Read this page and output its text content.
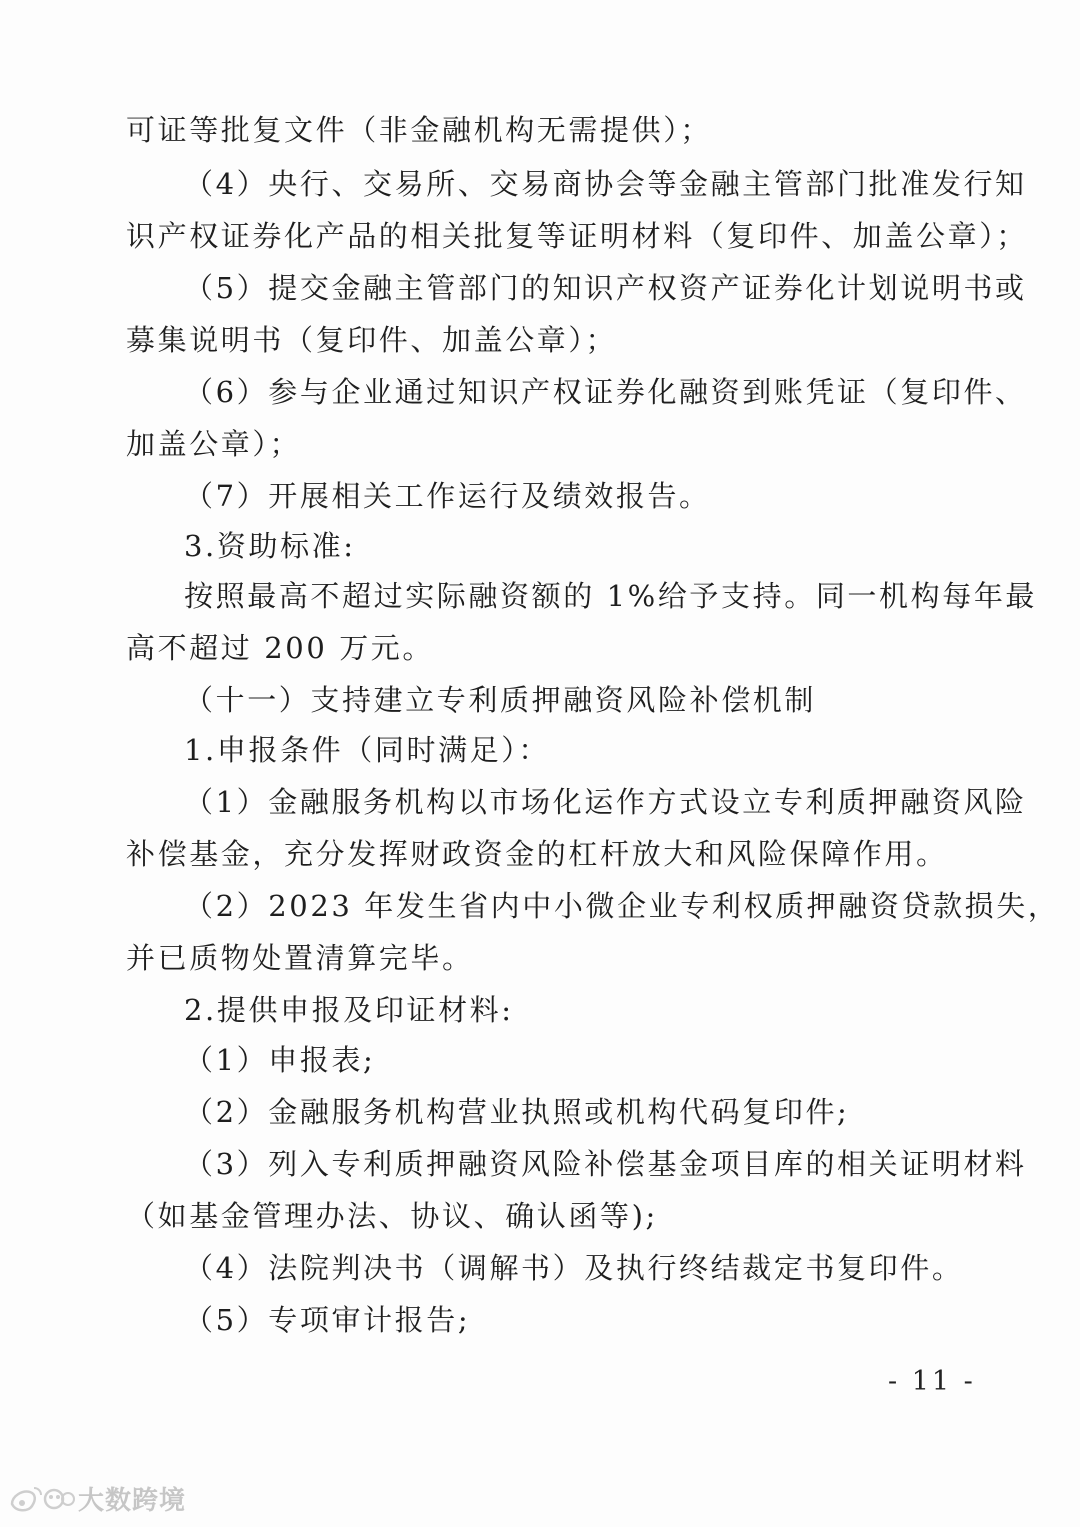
可证等批复文件（非金融机构无需提供）；
（4）央行、交易所、交易商协会等金融主管部门批准发行知
识产权证券化产品的相关批复等证明材料（复印件、加盖公章）；
（5）提交金融主管部门的知识产权资产证券化计划说明书或
募集说明书（复印件、加盖公章）；
（6）参与企业通过知识产权证券化融资到账凭证（复印件、
加盖公章）；
（7）开展相关工作运行及绩效报告。
3.资助标准:
按照最高不超过实际融资额的 1%给予支持。同一机构每年最
高不超过 200 万元。
（十一）支持建立专利质押融资风险补偿机制
1.申报条件（同时满足）：
（1）金融服务机构以市场化运作方式设立专利质押融资风险
补偿基金，充分发挥财政资金的杠杆放大和风险保障作用。
（2）2023 年发生省内中小微企业专利权质押融资贷款损失，
并已质物处置清算完毕。
2.提供申报及印证材料:
（1）申报表;
（2）金融服务机构营业执照或机构代码复印件;
（3）列入专利质押融资风险补偿基金项目库的相关证明材料
（如基金管理办法、协议、确认函等);
（4）法院判决书（调解书）及执行终结裁定书复印件。
（5）专项审计报告;
- 11 -
大数跨境
